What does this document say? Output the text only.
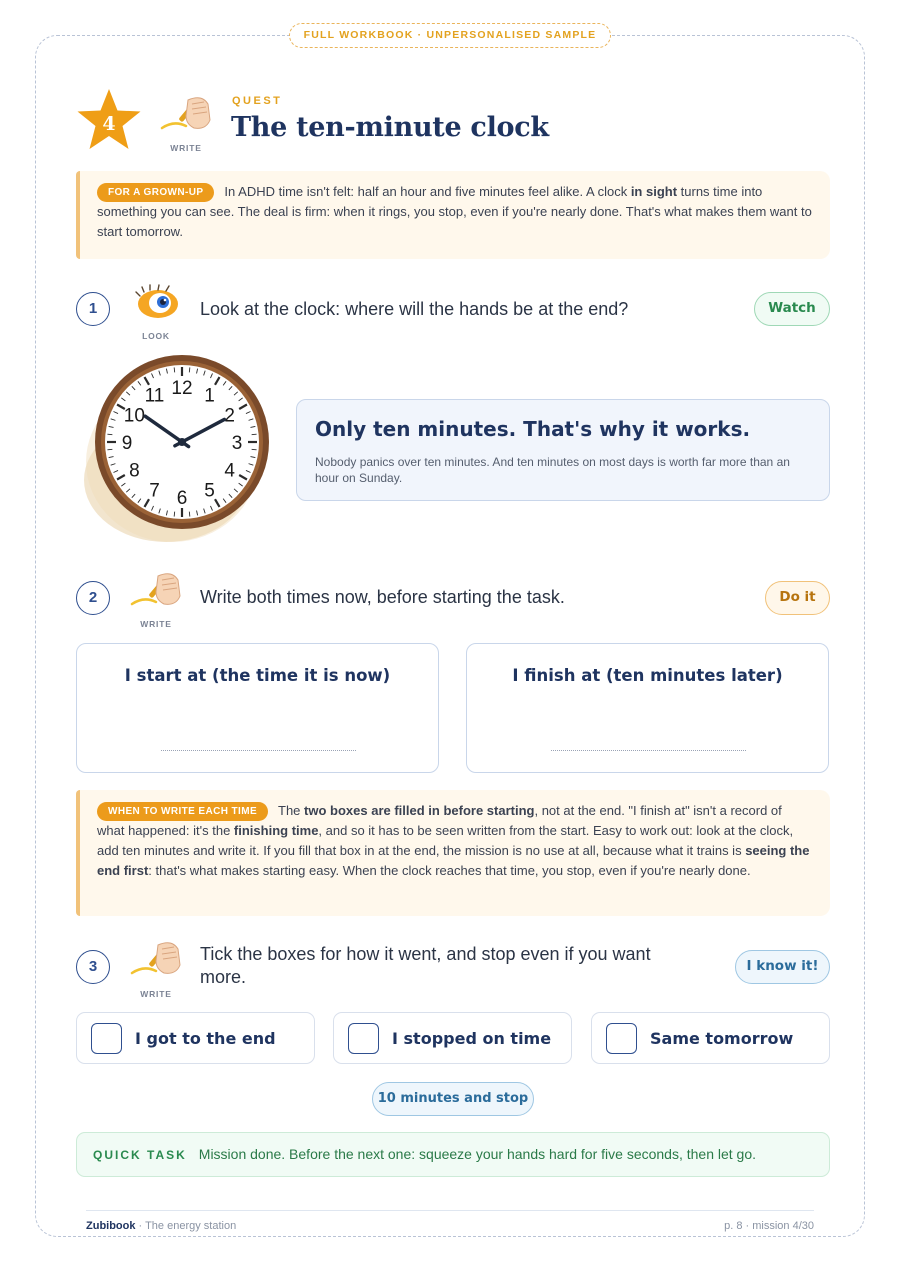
FULL WORKBOOK · UNPERSONALISED SAMPLE
4
WRITE
QUEST
The ten-minute clock
FOR A GROWN-UP In ADHD time isn't felt: half an hour and five minutes feel alike. A clock in sight turns time into something you can see. The deal is firm: when it rings, you stop, even if you're nearly done. That's what makes them want to start tomorrow.
1
LOOK
Look at the clock: where will the hands be at the end?	Watch
12 1
2
3
4
5
6
7
8
9
10
11
Only ten minutes. That's why it works.
Nobody panics over ten minutes. And ten minutes on most days is worth far more than an hour on Sunday.
2
WRITE
Write both times now, before starting the task.	Do it
I start at (the time it is now)	I finish at (ten minutes later)
WHEN TO WRITE EACH TIME The two boxes are filled in before starting, not at the end. "I finish at" isn't a record of what happened: it's the finishing time, and so it has to be seen written from the start. Easy to work out: look at the clock, add ten minutes and write it. If you fill that box in at the end, the mission is no use at all, because what it trains is seeing the end first: that's what makes starting easy. When the clock reaches that time, you stop, even if you're nearly done.
3
WRITE
Tick the boxes for how it went, and stop even if you want more.
I know it!
I got to the end	I stopped on time	Same tomorrow
10 minutes and stop
QUICK TASK Mission done. Before the next one: squeeze your hands hard for five seconds, then let go.
Zubibook · The energy station	p. 8 · mission 4/30
